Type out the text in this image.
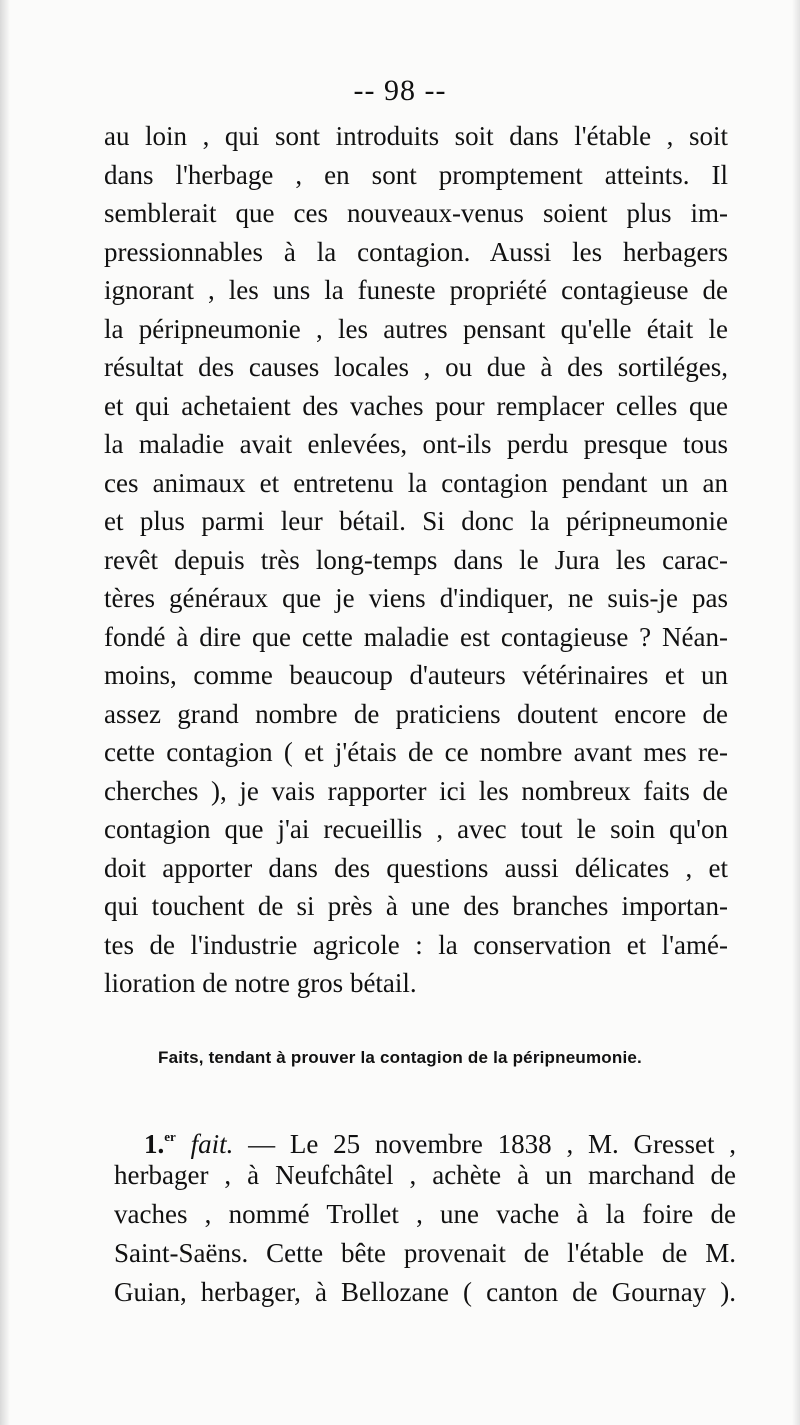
-- 98 --
au loin , qui sont introduits soit dans l'étable , soit
dans l'herbage , en sont promptement atteints. Il
semblerait que ces nouveaux-venus soient plus im-
pressionnables à la contagion. Aussi les herbagers
ignorant , les uns la funeste propriété contagieuse de
la péripneumonie , les autres pensant qu'elle était le
résultat des causes locales , ou due à des sortiléges,
et qui achetaient des vaches pour remplacer celles que
la maladie avait enlevées, ont-ils perdu presque tous
ces animaux et entretenu la contagion pendant un an
et plus parmi leur bétail. Si donc la péripneumonie
revêt depuis très long-temps dans le Jura les carac-
tères généraux que je viens d'indiquer, ne suis-je pas
fondé à dire que cette maladie est contagieuse ? Néan-
moins, comme beaucoup d'auteurs vétérinaires et un
assez grand nombre de praticiens doutent encore de
cette contagion ( et j'étais de ce nombre avant mes re-
cherches ), je vais rapporter ici les nombreux faits de
contagion que j'ai recueillis , avec tout le soin qu'on
doit apporter dans des questions aussi délicates , et
qui touchent de si près à une des branches importan-
tes de l'industrie agricole : la conservation et l'amé-
lioration de notre gros bétail.
Faits, tendant à prouver la contagion de la péripneumonie.
1.$^{er}$ fait. — Le 25 novembre 1838 , M. Gresset ,
herbager , à Neufchâtel , achète à un marchand de
vaches , nommé Trollet , une vache à la foire de
Saint-Saëns. Cette bête provenait de l'étable de M.
Guian, herbager, à Bellozane ( canton de Gournay ).
